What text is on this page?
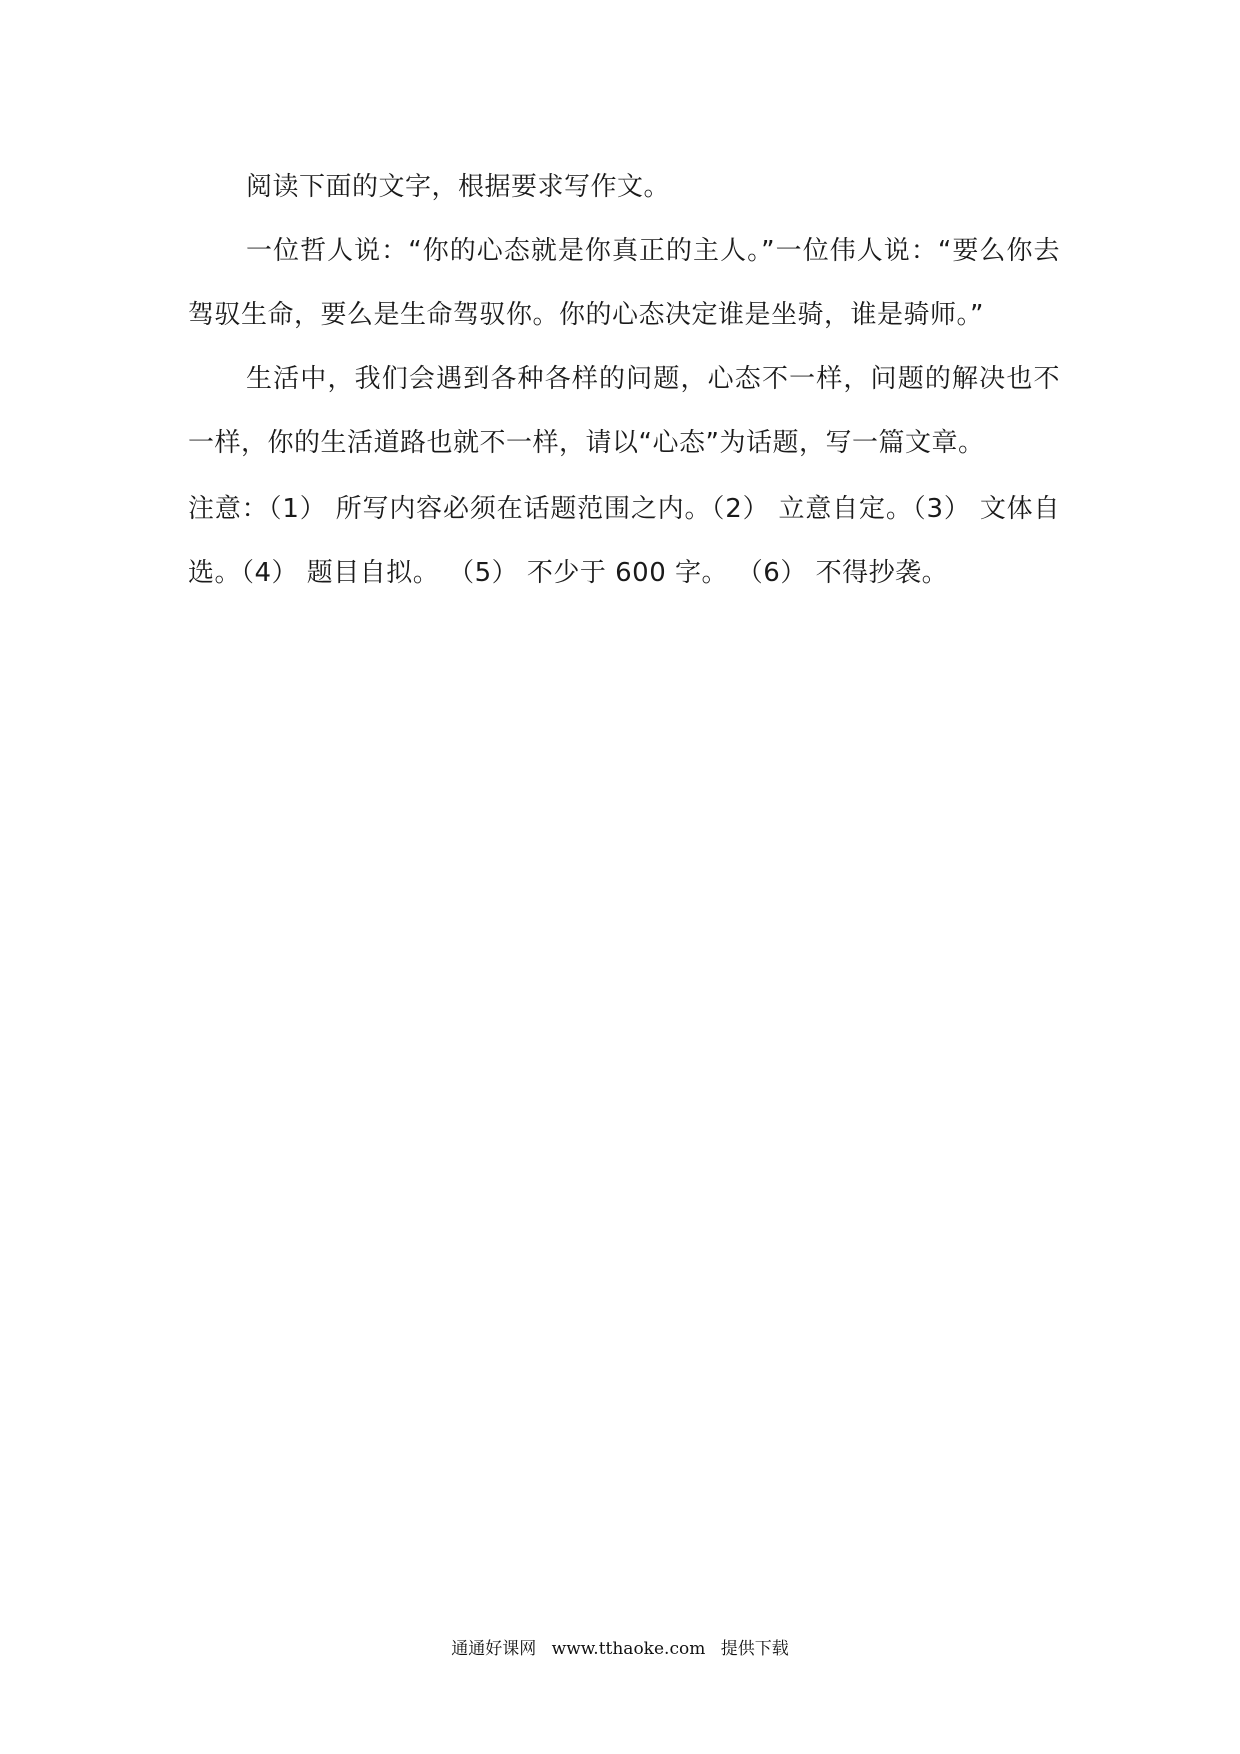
阅读下面的文字，根据要求写作文。

一位哲人说：“你的心态就是你真正的主人。”一位伟人说：“要么你去驾驭生命，要么是生命驾驭你。你的心态决定谁是坐骑，谁是骑师。”

生活中，我们会遇到各种各样的问题，心态不一样，问题的解决也不一样，你的生活道路也就不一样，请以“心态”为话题，写一篇文章。

注意：（1） 所写内容必须在话题范围之内。（2） 立意自定。（3） 文体自选。（4） 题目自拟。 （5） 不少于 600 字。 （6） 不得抄袭。

通通好课网 www.tthaoke.com 提供下载
